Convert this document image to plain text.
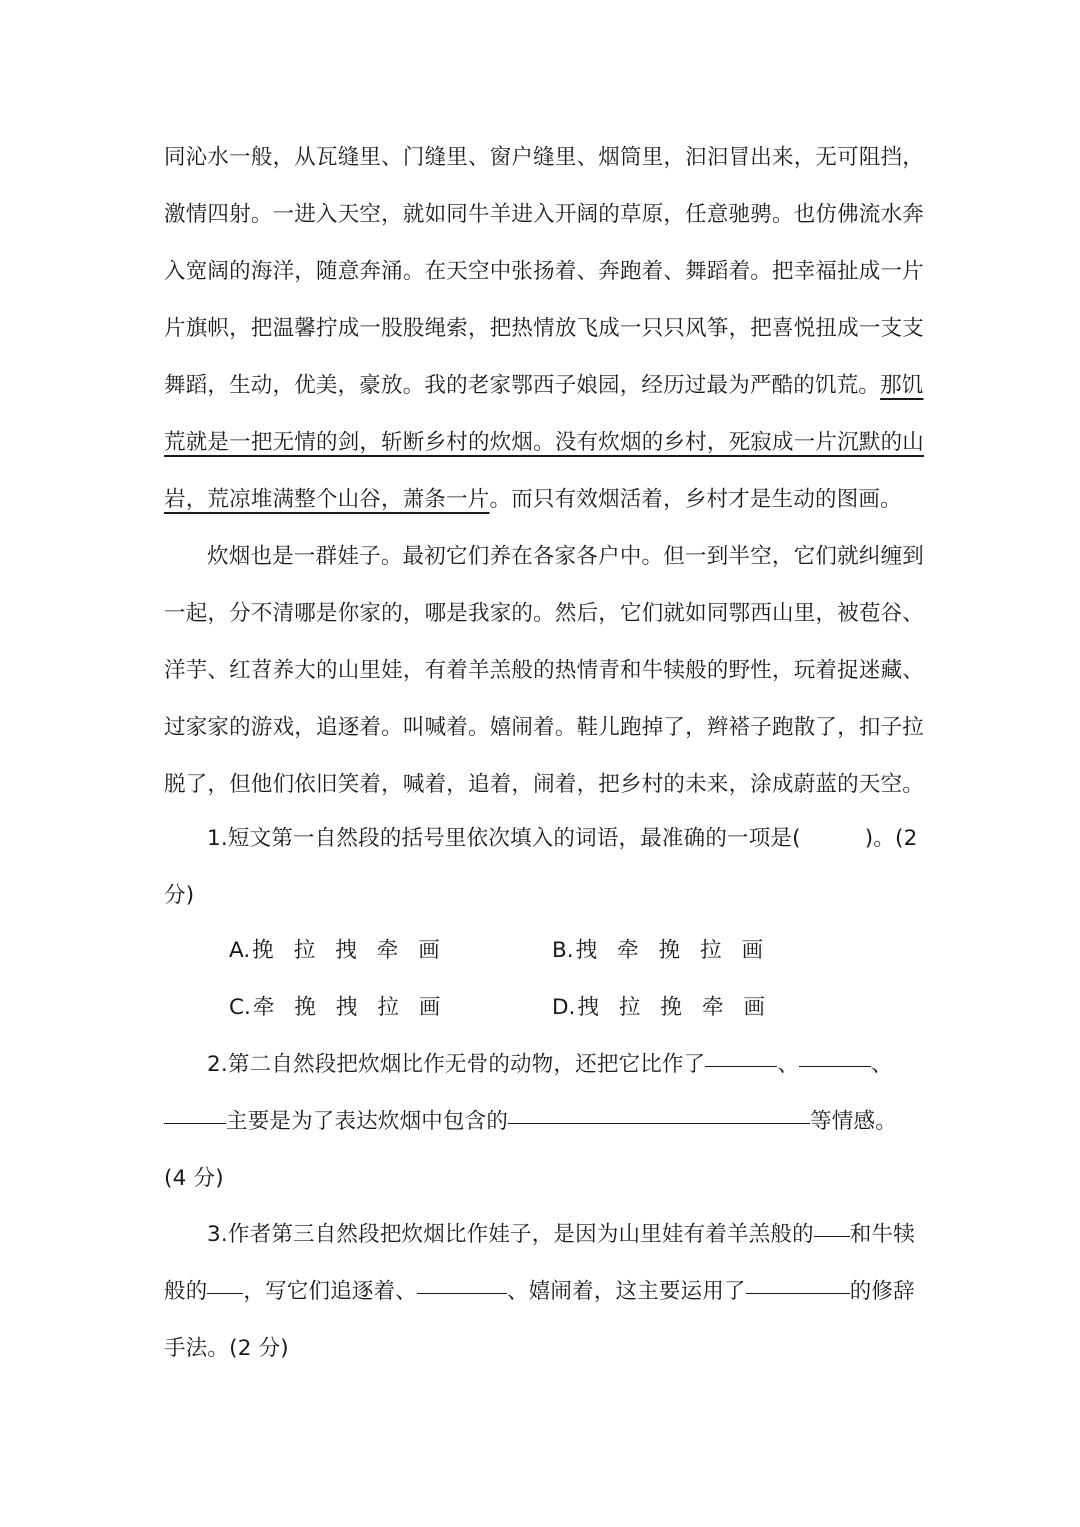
同沁水一般，从瓦缝里、门缝里、窗户缝里、烟筒里，汩汩冒出来，无可阻挡，
激情四射。一进入天空，就如同牛羊进入开阔的草原，任意驰骋。也仿佛流水奔
入宽阔的海洋，随意奔涌。在天空中张扬着、奔跑着、舞蹈着。把幸福扯成一片
片旗帜，把温馨拧成一股股绳索，把热情放飞成一只只风筝，把喜悦扭成一支支
舞蹈，生动，优美，豪放。我的老家鄂西子娘园，经历过最为严酷的饥荒。那饥
荒就是一把无情的剑，斩断乡村的炊烟。没有炊烟的乡村，死寂成一片沉默的山
岩，荒凉堆满整个山谷，萧条一片。而只有效烟活着，乡村才是生动的图画。
炊烟也是一群娃子。最初它们养在各家各户中。但一到半空，它们就纠缠到
一起，分不清哪是你家的，哪是我家的。然后，它们就如同鄂西山里，被苞谷、
洋芋、红苕养大的山里娃，有着羊羔般的热情青和牛犊般的野性，玩着捉迷藏、
过家家的游戏，追逐着。叫喊着。嬉闹着。鞋儿跑掉了，辫褡子跑散了，扣子拉
脱了，但他们依旧笑着，喊着，追着，闹着，把乡村的未来，涂成蔚蓝的天空。
1.短文第一自然段的括号里依次填入的词语，最准确的一项是(	)。(2
分)
A.挽 拉 拽 牵 画	B.拽 牵 挽 拉 画
C.牵 挽 拽 拉 画	D.拽 拉 挽 牵 画
2.第二自然段把炊烟比作无骨的动物，还把它比作了	、	、
主要是为了表达炊烟中包含的	等情感。
(4 分)
3.作者第三自然段把炊烟比作娃子，是因为山里娃有着羊羔般的 和牛犊
般的 ，写它们追逐着、	、嬉闹着，这主要运用了	的修辞
手法。(2 分)
